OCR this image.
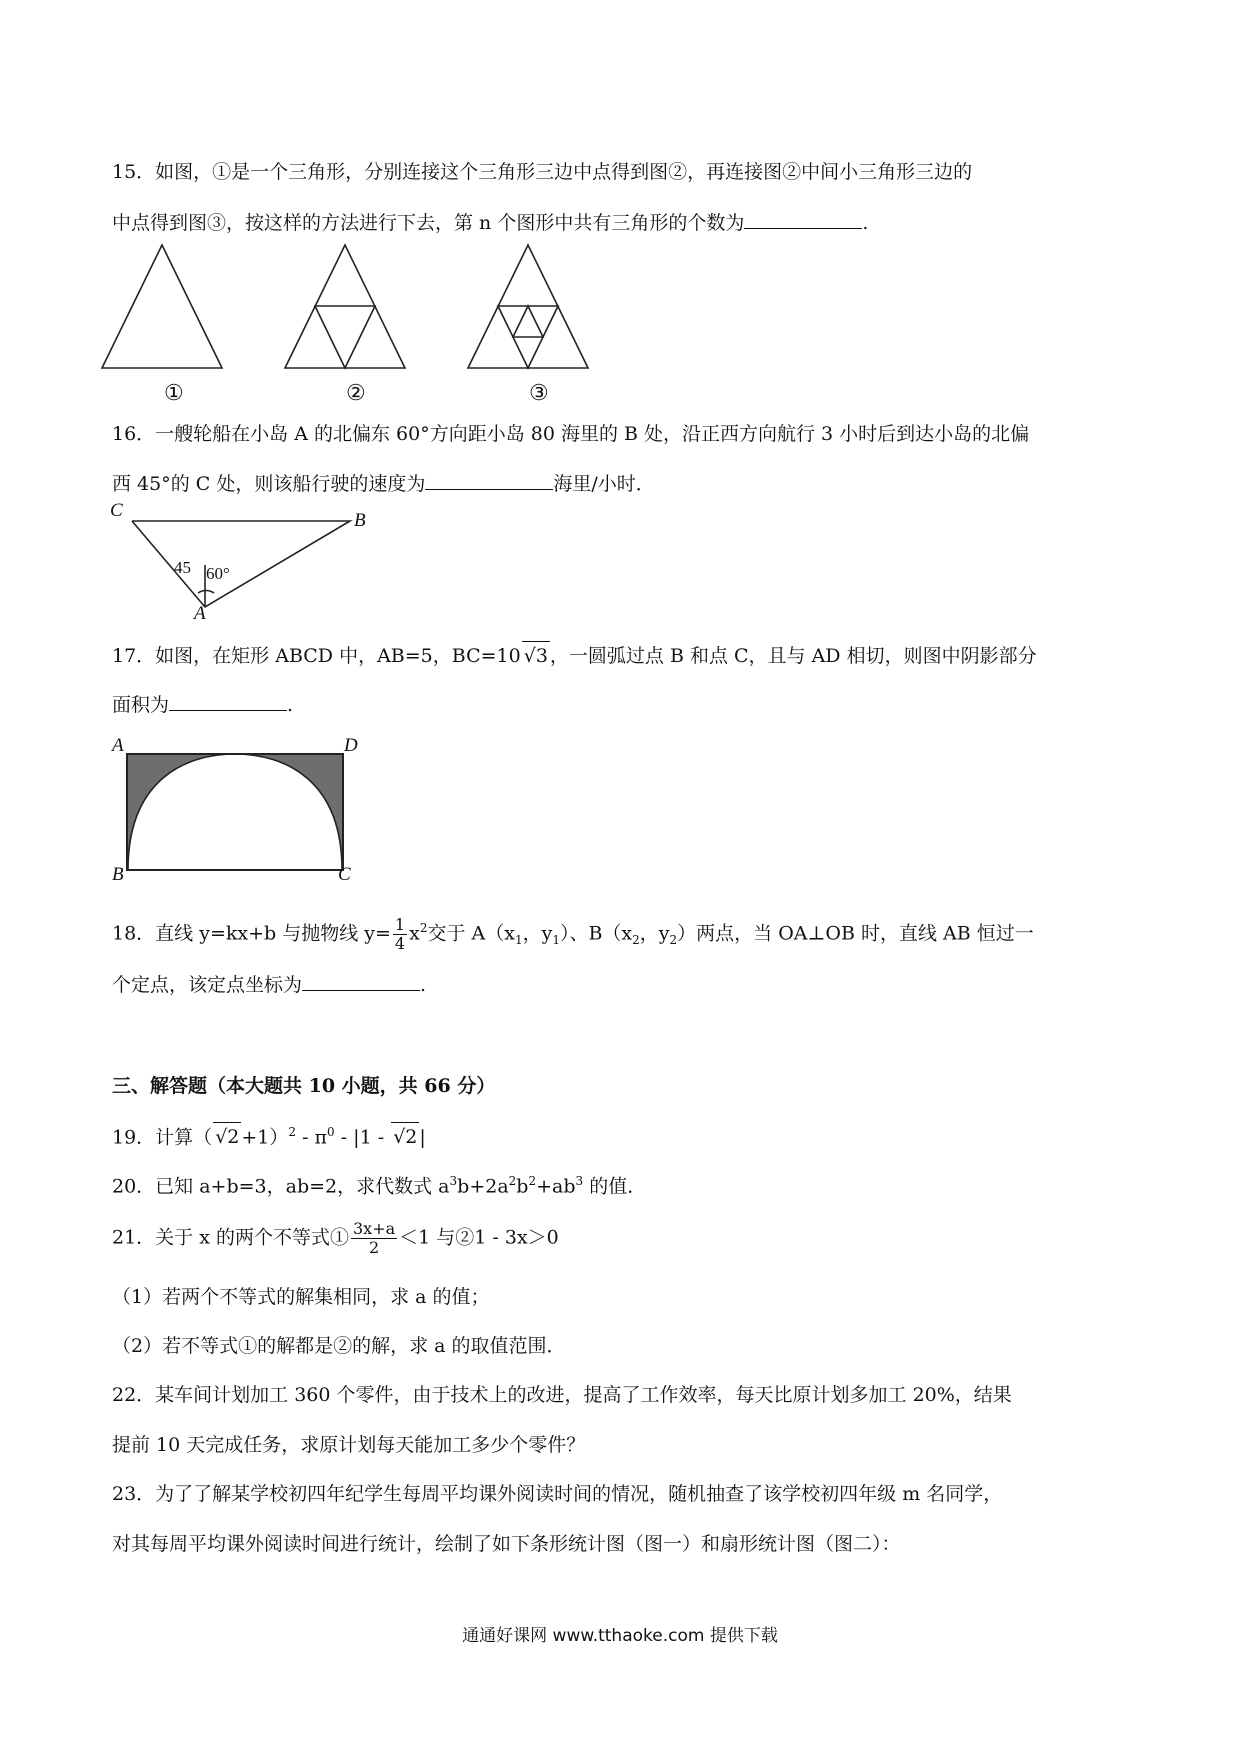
15．如图，①是一个三角形，分别连接这个三角形三边中点得到图②，再连接图②中间小三角形三边的
中点得到图③，按这样的方法进行下去，第 n 个图形中共有三角形的个数为	.
①	②	③
16．一艘轮船在小岛 A 的北偏东 60°方向距小岛 80 海里的 B 处，沿正西方向航行 3 小时后到达小岛的北偏
西 45°的 C 处，则该船行驶的速度为	海里/小时．
C	B
A
45 60°
17．如图，在矩形 ABCD 中，AB=5，BC=10 √3 ，一圆弧过点 B 和点 C，且与 AD 相切，则图中阴影部分
面积为	.
A	D
B	C
18．直线 y=kx+b 与抛物线 $y= \frac{1}{4} x^2$交于 $A(x_1$，$y_1$）、$B(x_2$，$y_2$）两点，当 OA⊥OB 时，直线 AB 恒过一
个定点，该定点坐标为	.
三、解答题（本大题共 10 小题，共 66 分）
19．计算（ $√2 +1)^2 - \pi^0 - |1 - √2$ |
20．已知 a+b=3，ab=2，求代数式 $a^3b+2a^2b^2+ab^3$ 的值．
21．关于 x 的两个不等式① $\frac{3x+a}{2} <1$ 与②1 - 3x＞0
（1）若两个不等式的解集相同，求 a 的值；
（2）若不等式①的解都是②的解，求 a 的取值范围．
22．某车间计划加工 360 个零件，由于技术上的改进，提高了工作效率，每天比原计划多加工 20%，结果
提前 10 天完成任务，求原计划每天能加工多少个零件？
23．为了了解某学校初四年纪学生每周平均课外阅读时间的情况，随机抽查了该学校初四年级 m 名同学，
对其每周平均课外阅读时间进行统计，绘制了如下条形统计图（图一）和扇形统计图（图二）：
通通好课网 www.tthaoke.com 提供下载
